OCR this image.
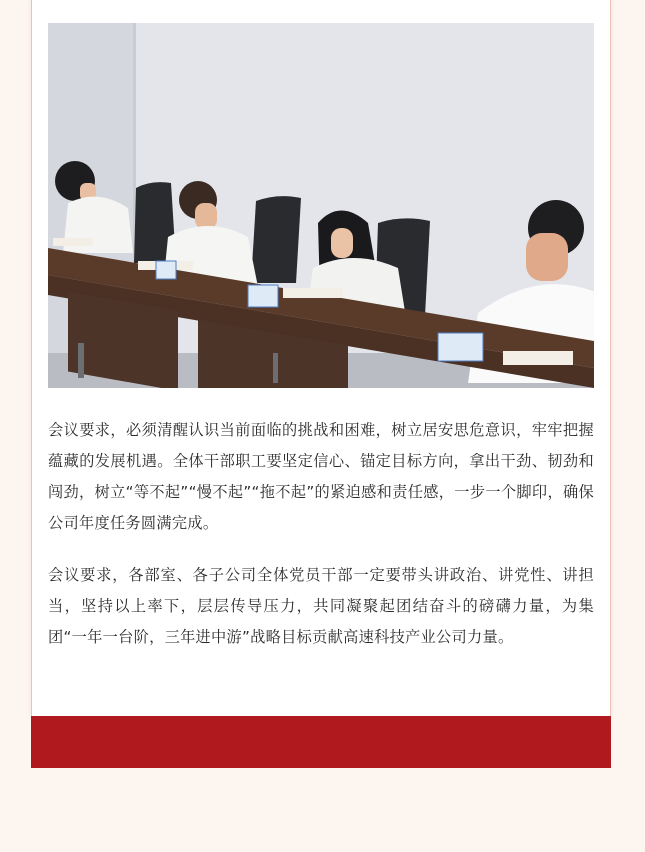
会议要求，必须清醒认识当前面临的挑战和困难，树立居安思危意识，牢牢把握蕴藏的发展机遇。全体干部职工要坚定信心、锚定目标方向，拿出干劲、韧劲和闯劲，树立“等不起”“慢不起”“拖不起”的紧迫感和责任感，一步一个脚印，确保公司年度任务圆满完成。

会议要求，各部室、各子公司全体党员干部一定要带头讲政治、讲党性、讲担当，坚持以上率下，层层传导压力，共同凝聚起团结奋斗的磅礴力量，为集团“一年一台阶，三年进中游”战略目标贡献高速科技产业公司力量。
